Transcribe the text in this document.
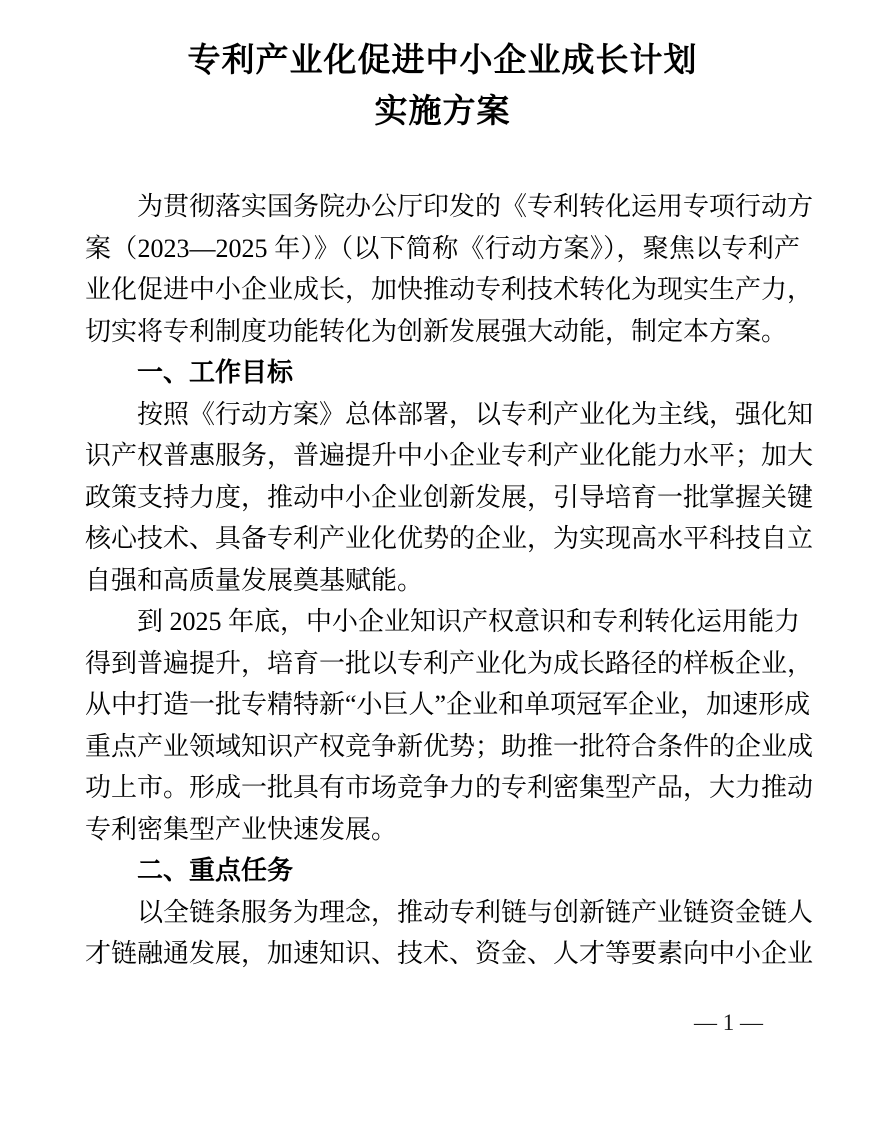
专利产业化促进中小企业成长计划
实施方案
为贯彻落实国务院办公厅印发的《专利转化运用专项行动方
案（2023—2025 年）》（以下简称《行动方案》），聚焦以专利产
业化促进中小企业成长，加快推动专利技术转化为现实生产力，
切实将专利制度功能转化为创新发展强大动能，制定本方案。
一、工作目标
按照《行动方案》总体部署，以专利产业化为主线，强化知
识产权普惠服务，普遍提升中小企业专利产业化能力水平；加大
政策支持力度，推动中小企业创新发展，引导培育一批掌握关键
核心技术、具备专利产业化优势的企业，为实现高水平科技自立
自强和高质量发展奠基赋能。
到 2025 年底，中小企业知识产权意识和专利转化运用能力
得到普遍提升，培育一批以专利产业化为成长路径的样板企业，
从中打造一批专精特新“小巨人”企业和单项冠军企业，加速形成
重点产业领域知识产权竞争新优势；助推一批符合条件的企业成
功上市。形成一批具有市场竞争力的专利密集型产品，大力推动
专利密集型产业快速发展。
二、重点任务
以全链条服务为理念，推动专利链与创新链产业链资金链人
才链融通发展，加速知识、技术、资金、人才等要素向中小企业
— 1 —
